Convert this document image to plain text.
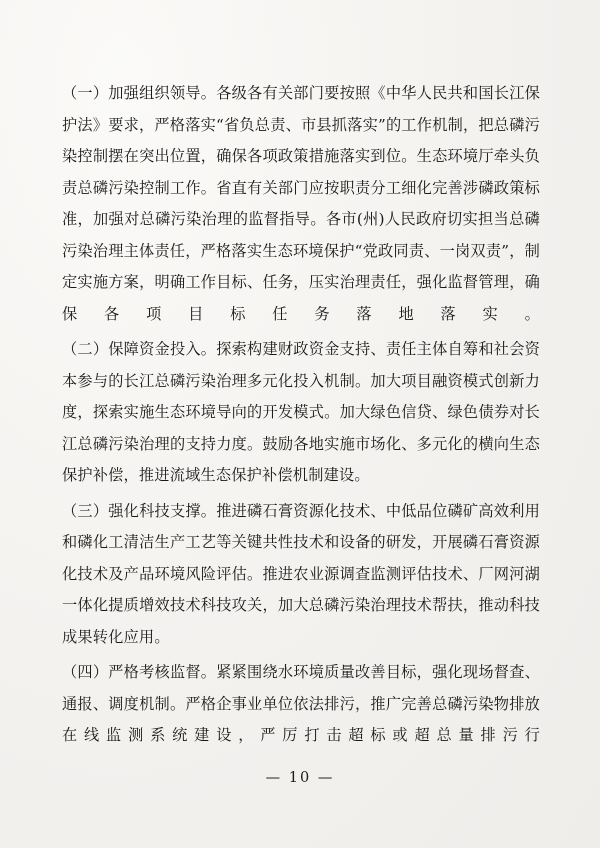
（一）加强组织领导。各级各有关部门要按照《中华人民共和国长江保护法》要求，严格落实“省负总责、市县抓落实”的工作机制，把总磷污染控制摆在突出位置，确保各项政策措施落实到位。生态环境厅牵头负责总磷污染控制工作。省直有关部门应按职责分工细化完善涉磷政策标准，加强对总磷污染治理的监督指导。各市(州)人民政府切实担当总磷污染治理主体责任，严格落实生态环境保护“党政同责、一岗双责”，制定实施方案，明确工作目标、任务，压实治理责任，强化监督管理，确保各项目标任务落地落实。

（二）保障资金投入。探索构建财政资金支持、责任主体自筹和社会资本参与的长江总磷污染治理多元化投入机制。加大项目融资模式创新力度，探索实施生态环境导向的开发模式。加大绿色信贷、绿色债券对长江总磷污染治理的支持力度。鼓励各地实施市场化、多元化的横向生态保护补偿，推进流域生态保护补偿机制建设。

（三）强化科技支撑。推进磷石膏资源化技术、中低品位磷矿高效利用和磷化工清洁生产工艺等关键共性技术和设备的研发，开展磷石膏资源化技术及产品环境风险评估。推进农业源调查监测评估技术、厂网河湖一体化提质增效技术科技攻关，加大总磷污染治理技术帮扶，推动科技成果转化应用。

（四）严格考核监督。紧紧围绕水环境质量改善目标，强化现场督查、通报、调度机制。严格企事业单位依法排污，推广完善总磷污染物排放在线监测系统建设，严厉打击超标或超总量排污行

— 10 —
